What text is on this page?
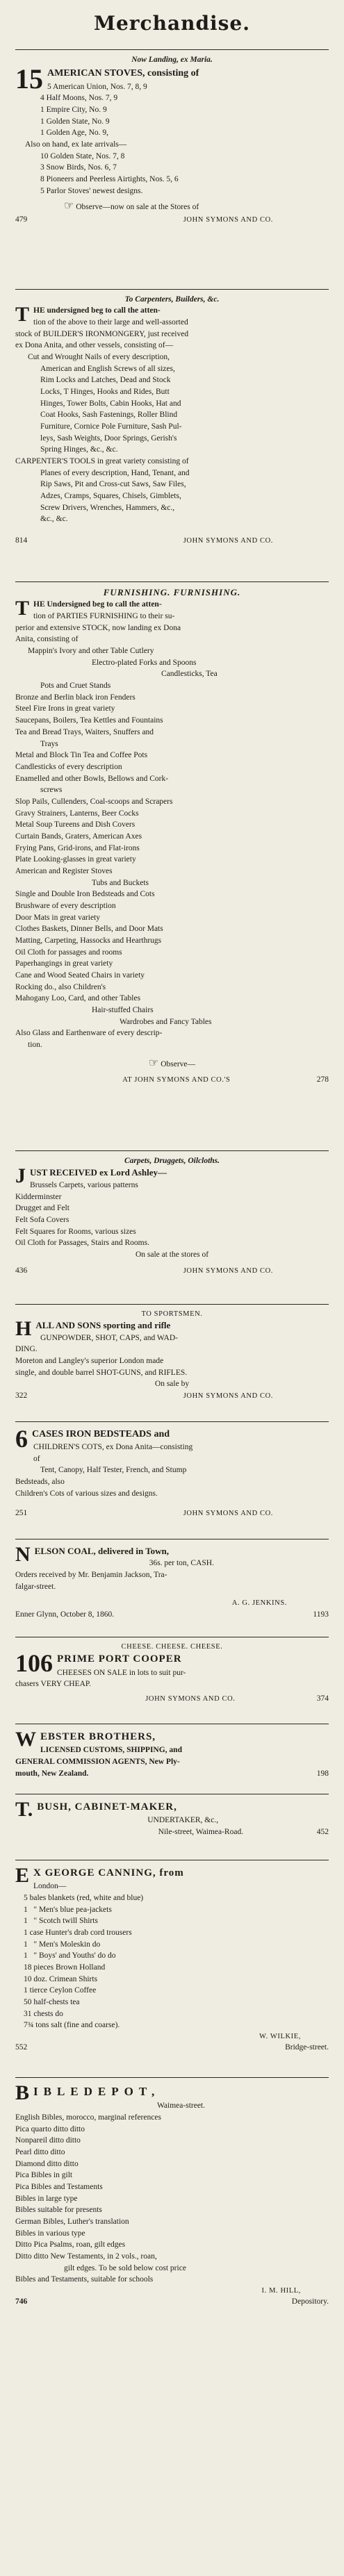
Merchandise.
Now Landing, ex Maria.
15 AMERICAN STOVES, consisting of
5 American Union, Nos. 7, 8, 9
4 Half Moons, Nos. 7, 9
1 Empire City, No. 9
1 Golden State, No. 9
1 Golden Age, No. 9,
Also on hand, ex late arrivals—
10 Golden State, Nos. 7, 8
3 Snow Birds, Nos. 6, 7
8 Pioneers and Peerless Airtights, Nos. 5, 6
5 Parlor Stoves' newest designs.
☞ Observe—now on sale at the Stores of
479	JOHN SYMONS AND CO.
To Carpenters, Builders, &c.
T HE undersigned beg to call the atten-
tion of the above to their large and well-assorted
stock of BUILDER'S IRONMONGERY, just received
ex Dona Anita, and other vessels, consisting of—
Cut and Wrought Nails of every description,
American and English Screws of all sizes,
Rim Locks and Latches, Dead and Stock
Locks, T Hinges, Hooks and Rides, Butt
Hinges, Tower Bolts, Cabin Hooks, Hat and
Coat Hooks, Sash Fastenings, Roller Blind
Furniture, Cornice Pole Furniture, Sash Pul-
leys, Sash Weights, Door Springs, Gerish's
Spring Hinges, &c., &c.
CARPENTER'S TOOLS in great variety consisting of
Planes of every description, Hand, Tenant, and
Rip Saws, Pit and Cross-cut Saws, Saw Files,
Adzes, Cramps, Squares, Chisels, Gimblets,
Screw Drivers, Wrenches, Hammers, &c.,
&c., &c.
814	JOHN SYMONS AND CO.
FURNISHING. FURNISHING.
T HE Undersigned beg to call the atten-
tion of PARTIES FURNISHING to their su-
perior and extensive STOCK, now landing ex Dona
Anita, consisting of
Mappin's Ivory and other Table Cutlery
Electro-plated Forks and Spoons
Candlesticks, Tea
Pots and Cruet Stands
Bronze and Berlin black iron Fenders
Steel Fire Irons in great variety
Saucepans, Boilers, Tea Kettles and Fountains
Tea and Bread Trays, Waiters, Snuffers and
Trays
Metal and Block Tin Tea and Coffee Pots
Candlesticks of every description
Enamelled and other Bowls, Bellows and Cork-
screws
Slop Pails, Cullenders, Coal-scoops and Scrapers
Gravy Strainers, Lanterns, Beer Cocks
Metal Soup Tureens and Dish Covers
Curtain Bands, Graters, American Axes
Frying Pans, Grid-irons, and Flat-irons
Plate Looking-glasses in great variety
American and Register Stoves
Tubs and Buckets
Single and Double Iron Bedsteads and Cots
Brushware of every description
Door Mats in great variety
Clothes Baskets, Dinner Bells, and Door Mats
Matting, Carpeting, Hassocks and Hearthrugs
Oil Cloth for passages and rooms
Paperhangings in great variety
Cane and Wood Seated Chairs in variety
Rocking do., also Children's
Mahogany Loo, Card, and other Tables
Hair-stuffed Chairs
Wardrobes and Fancy Tables
Also Glass and Earthenware of every descrip-
tion.
☞ Observe—
AT JOHN SYMONS AND CO.'S	278
Carpets, Druggets, Oilcloths.
J UST RECEIVED ex Lord Ashley—
Brussels Carpets, various patterns
Kidderminster
Drugget and Felt
Felt Sofa Covers
Felt Squares for Rooms, various sizes
Oil Cloth for Passages, Stairs and Rooms.
On sale at the stores of
436	JOHN SYMONS AND CO.
TO SPORTSMEN.
H ALL AND SONS sporting and rifle
GUNPOWDER, SHOT, CAPS, and WAD-
DING.
Moreton and Langley's superior London made
single, and double barrel SHOT-GUNS, and RIFLES.
On sale by
322	JOHN SYMONS AND CO.
6 CASES IRON BEDSTEADS and
CHILDREN'S COTS, ex Dona Anita—consisting
of
Tent, Canopy, Half Tester, French, and Stump
Bedsteads, also
Children's Cots of various sizes and designs.
251	JOHN SYMONS AND CO.
N ELSON COAL, delivered in Town,
36s. per ton, CASH.
Orders received by Mr. Benjamin Jackson, Tra-
falgar-street.
A. G. JENKINS.
Enner Glynn, October 8, 1860.	1193
CHEESE. CHEESE. CHEESE.
106 PRIME PORT COOPER
CHEESES ON SALE in lots to suit pur-
chasers VERY CHEAP.
JOHN SYMONS AND CO.	374
W EBSTER BROTHERS,
LICENSED CUSTOMS, SHIPPING, and
GENERAL COMMISSION AGENTS, New Ply-
mouth, New Zealand.	198
T. BUSH, CABINET-MAKER,
UNDERTAKER, &c.,
Nile-street, Waimea-Road.	452
E X GEORGE CANNING, from
London—
5 bales blankets (red, white and blue)
1   " Men's blue pea-jackets
1   " Scotch twill Shirts
1 case Hunter's drab cord trousers
1   " Men's Moleskin do
1   " Boys' and Youths' do do
18 pieces Brown Holland
10 doz. Crimean Shirts
1 tierce Ceylon Coffee
50 half-chests tea
31 chests do
7¾ tons salt (fine and coarse).
W. WILKIE,
552	Bridge-street.
B IBLEDEPOT,
Waimea-street.
English Bibles, morocco, marginal references
Pica quarto ditto ditto
Nonpareil ditto ditto
Pearl ditto ditto
Diamond ditto ditto
Pica Bibles in gilt
Pica Bibles and Testaments
Bibles in large type
Bibles suitable for presents
German Bibles, Luther's translation
Bibles in various type
Ditto Pica Psalms, roan, gilt edges
Ditto ditto New Testaments, in 2 vols., roan,
gilt edges. To be sold below cost price
Bibles and Testaments, suitable for schools
I. M. HILL,
746	Depository.
